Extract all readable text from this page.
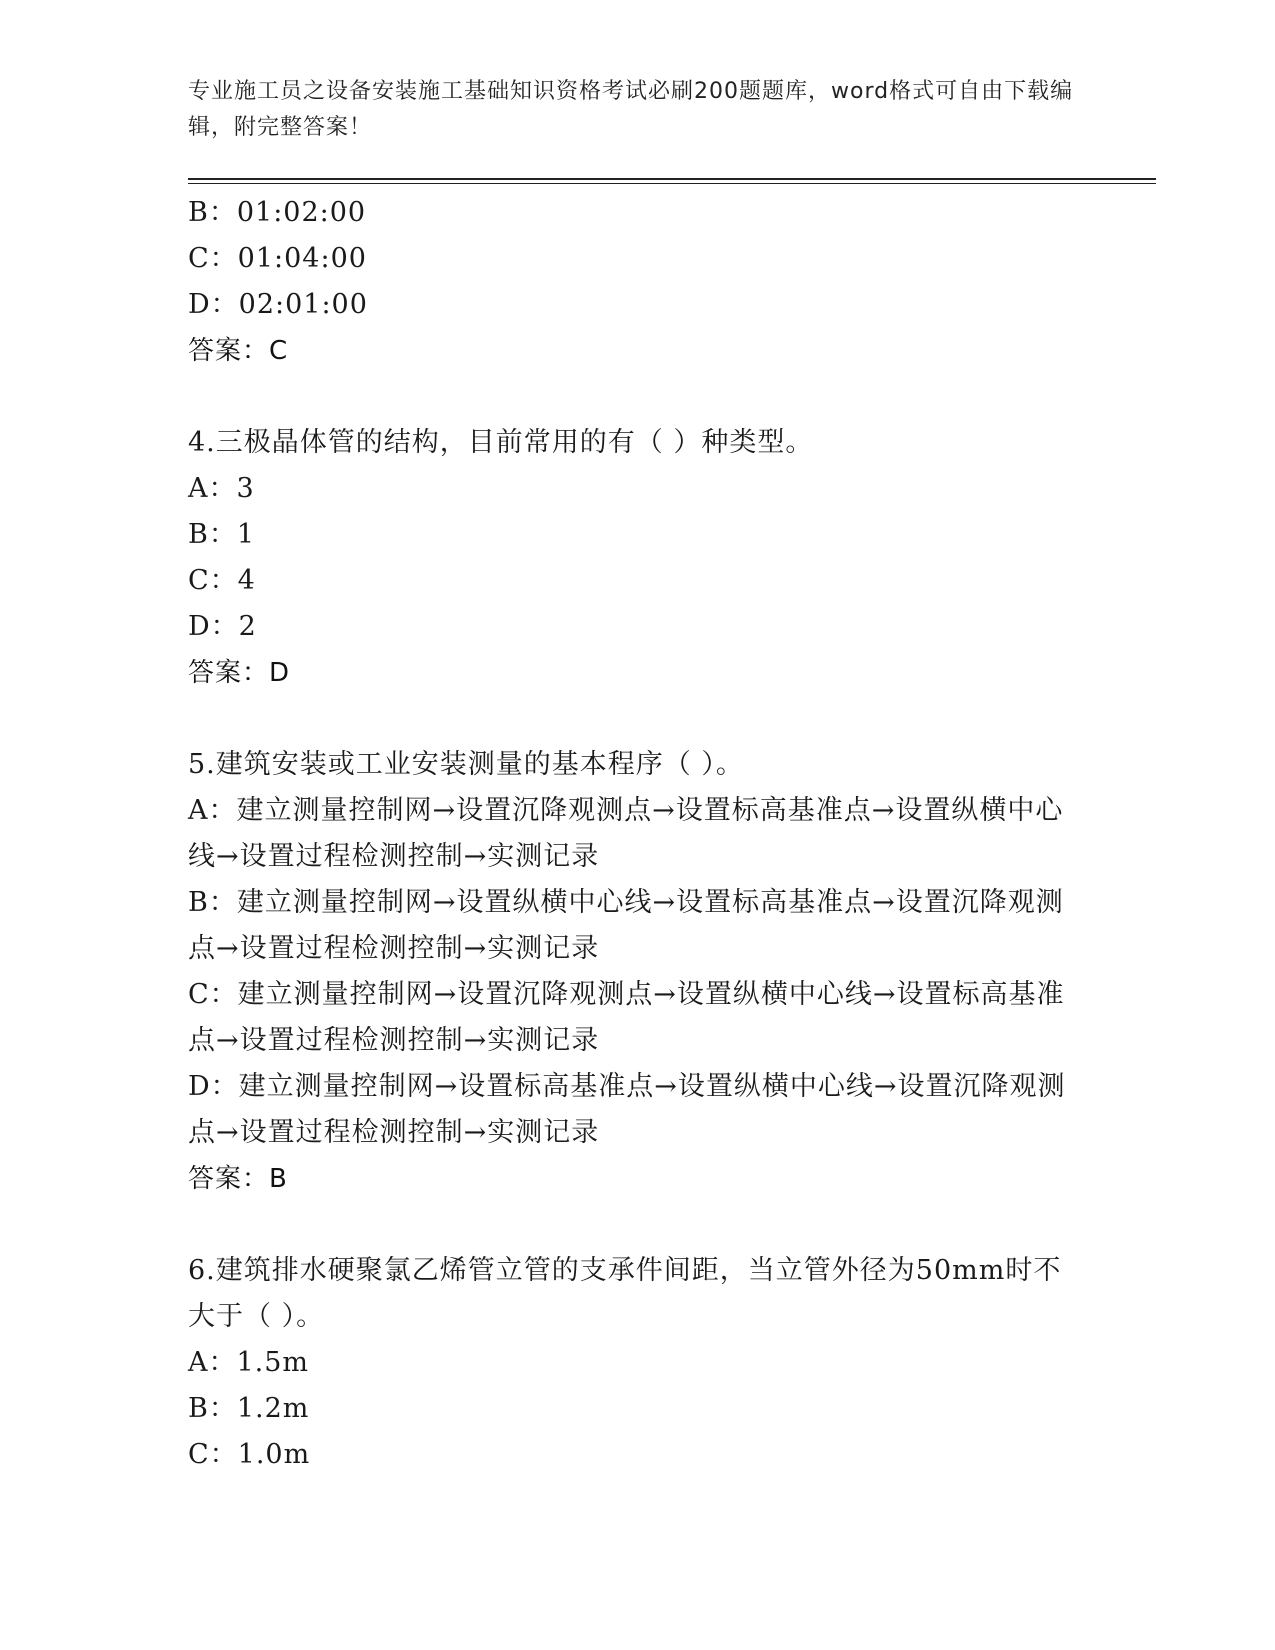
专业施工员之设备安装施工基础知识资格考试必刷200题题库，word格式可自由下载编辑，附完整答案！
B：01:02:00
C：01:04:00
D：02:01:00
答案：C
4.三极晶体管的结构，目前常用的有（ ）种类型。
A：3
B：1
C：4
D：2
答案：D
5.建筑安装或工业安装测量的基本程序（ ）。
A：建立测量控制网→设置沉降观测点→设置标高基准点→设置纵横中心线→设置过程检测控制→实测记录
B：建立测量控制网→设置纵横中心线→设置标高基准点→设置沉降观测点→设置过程检测控制→实测记录
C：建立测量控制网→设置沉降观测点→设置纵横中心线→设置标高基准点→设置过程检测控制→实测记录
D：建立测量控制网→设置标高基准点→设置纵横中心线→设置沉降观测点→设置过程检测控制→实测记录
答案：B
6.建筑排水硬聚氯乙烯管立管的支承件间距，当立管外径为50mm时不大于（ ）。
A：1.5m
B：1.2m
C：1.0m
